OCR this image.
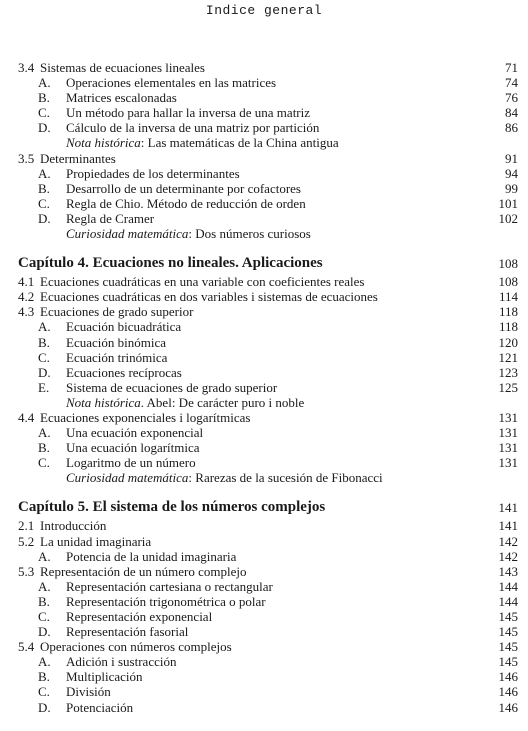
Indice general
3.4 Sistemas de ecuaciones lineales	71
A. Operaciones elementales en las matrices	74
B. Matrices escalonadas	76
C. Un método para hallar la inversa de una matriz	84
D. Cálculo de la inversa de una matriz por partición	86
Nota histórica: Las matemáticas de la China antigua
3.5 Determinantes	91
A. Propiedades de los determinantes	94
B. Desarrollo de un determinante por cofactores	99
C. Regla de Chio. Método de reducción de orden	101
D. Regla de Cramer	102
Curiosidad matemática: Dos números curiosos
Capítulo 4. Ecuaciones no lineales. Aplicaciones	108
4.1 Ecuaciones cuadráticas en una variable con coeficientes reales	108
4.2 Ecuaciones cuadráticas en dos variables i sistemas de ecuaciones	114
4.3 Ecuaciones de grado superior	118
A. Ecuación bicuadrática	118
B. Ecuación binómica	120
C. Ecuación trinómica	121
D. Ecuaciones recíprocas	123
E. Sistema de ecuaciones de grado superior	125
Nota histórica. Abel: De carácter puro i noble
4.4 Ecuaciones exponenciales i logarítmicas	131
A. Una ecuación exponencial	131
B. Una ecuación logarítmica	131
C. Logaritmo de un número	131
Curiosidad matemática: Rarezas de la sucesión de Fibonacci
Capítulo 5. El sistema de los números complejos	141
2.1 Introducción	141
5.2 La unidad imaginaria	142
A. Potencia de la unidad imaginaria	142
5.3 Representación de un número complejo	143
A. Representación cartesiana o rectangular	144
B. Representación trigonométrica o polar	144
C. Representación exponencial	145
D. Representación fasorial	145
5.4 Operaciones con números complejos	145
A. Adición i sustracción	145
B. Multiplicación	146
C. División	146
D. Potenciación	146
